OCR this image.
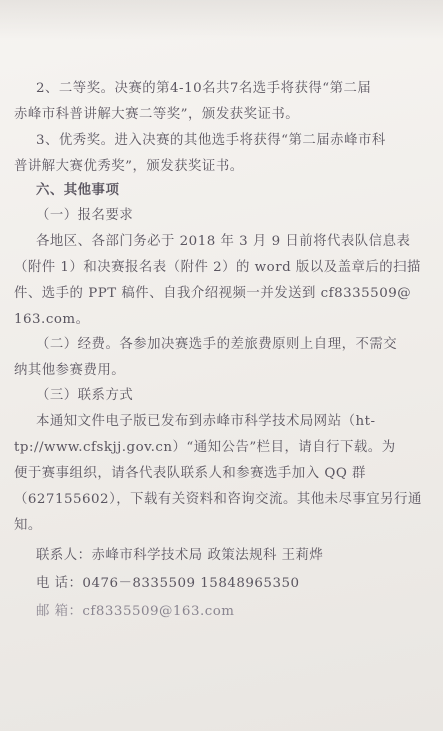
2、二等奖。决赛的第4-10名共7名选手将获得“第二届
赤峰市科普讲解大赛二等奖”，颁发获奖证书。
3、优秀奖。进入决赛的其他选手将获得“第二届赤峰市科
普讲解大赛优秀奖”，颁发获奖证书。
六、其他事项
（一）报名要求
各地区、各部门务必于 2018 年 3 月 9 日前将代表队信息表
（附件 1）和决赛报名表（附件 2）的 word 版以及盖章后的扫描
件、选手的 PPT 稿件、自我介绍视频一并发送到 cf8335509@
163.com。
（二）经费。各参加决赛选手的差旅费原则上自理，不需交
纳其他参赛费用。
（三）联系方式
本通知文件电子版已发布到赤峰市科学技术局网站（ht-
tp://www.cfskjj.gov.cn）“通知公告”栏目，请自行下载。为
便于赛事组织，请各代表队联系人和参赛选手加入 QQ 群
（627155602），下载有关资料和咨询交流。其他未尽事宜另行通
知。
联系人：赤峰市科学技术局 政策法规科 王莉烨
电 话：0476－8335509 15848965350
邮 箱：cf8335509@163.com
